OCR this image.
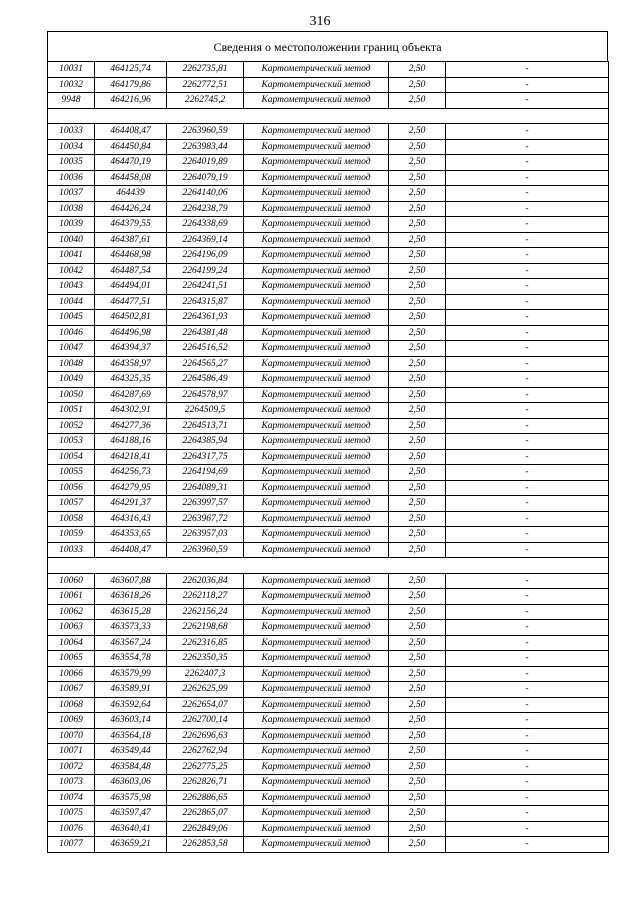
316
Сведения о местоположении границ объекта
10031	464125,74	2262735,81	Картометрический метод	2,50	-
10032	464179,86	2262772,51	Картометрический метод	2,50	-
9948	464216,96	2262745,2	Картометрический метод	2,50	-

10033	464408,47	2263960,59	Картометрический метод	2,50	-
10034	464450,84	2263983,44	Картометрический метод	2,50	-
10035	464470,19	2264019,89	Картометрический метод	2,50	-
10036	464458,08	2264079,19	Картометрический метод	2,50	-
10037	464439	2264140,06	Картометрический метод	2,50	-
10038	464426,24	2264238,79	Картометрический метод	2,50	-
10039	464379,55	2264338,69	Картометрический метод	2,50	-
10040	464387,61	2264369,14	Картометрический метод	2,50	-
10041	464468,98	2264196,09	Картометрический метод	2,50	-
10042	464487,54	2264199,24	Картометрический метод	2,50	-
10043	464494,01	2264241,51	Картометрический метод	2,50	-
10044	464477,51	2264315,87	Картометрический метод	2,50	-
10045	464502,81	2264361,93	Картометрический метод	2,50	-
10046	464496,98	2264381,48	Картометрический метод	2,50	-
10047	464394,37	2264516,52	Картометрический метод	2,50	-
10048	464358,97	2264565,27	Картометрический метод	2,50	-
10049	464325,35	2264586,49	Картометрический метод	2,50	-
10050	464287,69	2264578,97	Картометрический метод	2,50	-
10051	464302,91	2264509,5	Картометрический метод	2,50	-
10052	464277,36	2264513,71	Картометрический метод	2,50	-
10053	464188,16	2264385,94	Картометрический метод	2,50	-
10054	464218,41	2264317,75	Картометрический метод	2,50	-
10055	464256,73	2264194,69	Картометрический метод	2,50	-
10056	464279,95	2264089,31	Картометрический метод	2,50	-
10057	464291,37	2263997,57	Картометрический метод	2,50	-
10058	464316,43	2263967,72	Картометрический метод	2,50	-
10059	464353,65	2263957,03	Картометрический метод	2,50	-
10033	464408,47	2263960,59	Картометрический метод	2,50	-

10060	463607,88	2262036,84	Картометрический метод	2,50	-
10061	463618,26	2262118,27	Картометрический метод	2,50	-
10062	463615,28	2262156,24	Картометрический метод	2,50	-
10063	463573,33	2262198,68	Картометрический метод	2,50	-
10064	463567,24	2262316,85	Картометрический метод	2,50	-
10065	463554,78	2262350,35	Картометрический метод	2,50	-
10066	463579,99	2262407,3	Картометрический метод	2,50	-
10067	463589,91	2262625,99	Картометрический метод	2,50	-
10068	463592,64	2262654,07	Картометрический метод	2,50	-
10069	463603,14	2262700,14	Картометрический метод	2,50	-
10070	463564,18	2262696,63	Картометрический метод	2,50	-
10071	463549,44	2262762,94	Картометрический метод	2,50	-
10072	463584,48	2262775,25	Картометрический метод	2,50	-
10073	463603,06	2262826,71	Картометрический метод	2,50	-
10074	463575,98	2262886,65	Картометрический метод	2,50	-
10075	463597,47	2262865,07	Картометрический метод	2,50	-
10076	463640,41	2262849,06	Картометрический метод	2,50	-
10077	463659,21	2262853,58	Картометрический метод	2,50	-
